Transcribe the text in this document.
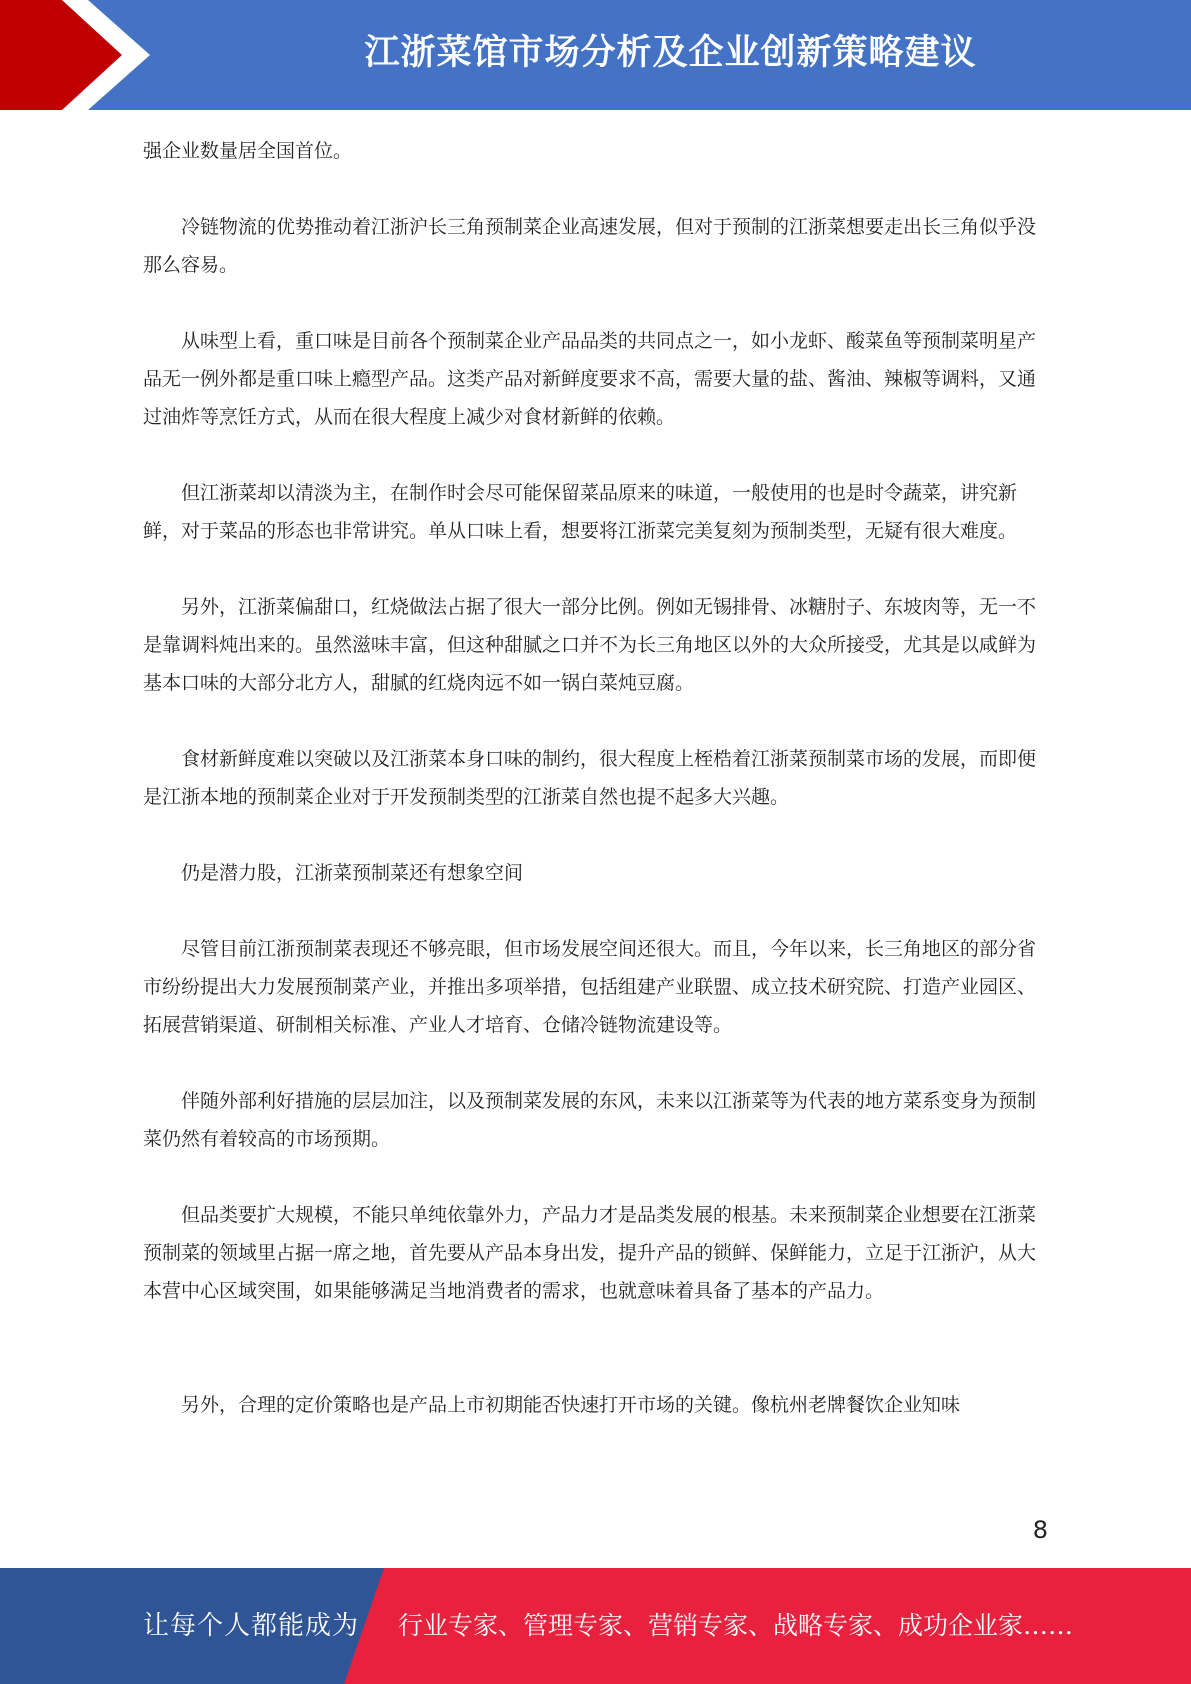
江浙菜馆市场分析及企业创新策略建议

强企业数量居全国首位。

冷链物流的优势推动着江浙沪长三角预制菜企业高速发展，但对于预制的江浙菜想要走出长三角似乎没那么容易。

从味型上看，重口味是目前各个预制菜企业产品品类的共同点之一，如小龙虾、酸菜鱼等预制菜明星产品无一例外都是重口味上瘾型产品。这类产品对新鲜度要求不高，需要大量的盐、酱油、辣椒等调料，又通过油炸等烹饪方式，从而在很大程度上减少对食材新鲜的依赖。

但江浙菜却以清淡为主，在制作时会尽可能保留菜品原来的味道，一般使用的也是时令蔬菜，讲究新鲜，对于菜品的形态也非常讲究。单从口味上看，想要将江浙菜完美复刻为预制类型，无疑有很大难度。

另外，江浙菜偏甜口，红烧做法占据了很大一部分比例。例如无锡排骨、冰糖肘子、东坡肉等，无一不是靠调料炖出来的。虽然滋味丰富，但这种甜腻之口并不为长三角地区以外的大众所接受，尤其是以咸鲜为基本口味的大部分北方人，甜腻的红烧肉远不如一锅白菜炖豆腐。

食材新鲜度难以突破以及江浙菜本身口味的制约，很大程度上桎梏着江浙菜预制菜市场的发展，而即便是江浙本地的预制菜企业对于开发预制类型的江浙菜自然也提不起多大兴趣。

仍是潜力股，江浙菜预制菜还有想象空间

尽管目前江浙预制菜表现还不够亮眼，但市场发展空间还很大。而且，今年以来，长三角地区的部分省市纷纷提出大力发展预制菜产业，并推出多项举措，包括组建产业联盟、成立技术研究院、打造产业园区、拓展营销渠道、研制相关标准、产业人才培育、仓储冷链物流建设等。

伴随外部利好措施的层层加注，以及预制菜发展的东风，未来以江浙菜等为代表的地方菜系变身为预制菜仍然有着较高的市场预期。

但品类要扩大规模，不能只单纯依靠外力，产品力才是品类发展的根基。未来预制菜企业想要在江浙菜预制菜的领域里占据一席之地，首先要从产品本身出发，提升产品的锁鲜、保鲜能力，立足于江浙沪，从大本营中心区域突围，如果能够满足当地消费者的需求，也就意味着具备了基本的产品力。

另外，合理的定价策略也是产品上市初期能否快速打开市场的关键。像杭州老牌餐饮企业知味

8
让每个人都能成为 行业专家、管理专家、营销专家、战略专家、成功企业家……
